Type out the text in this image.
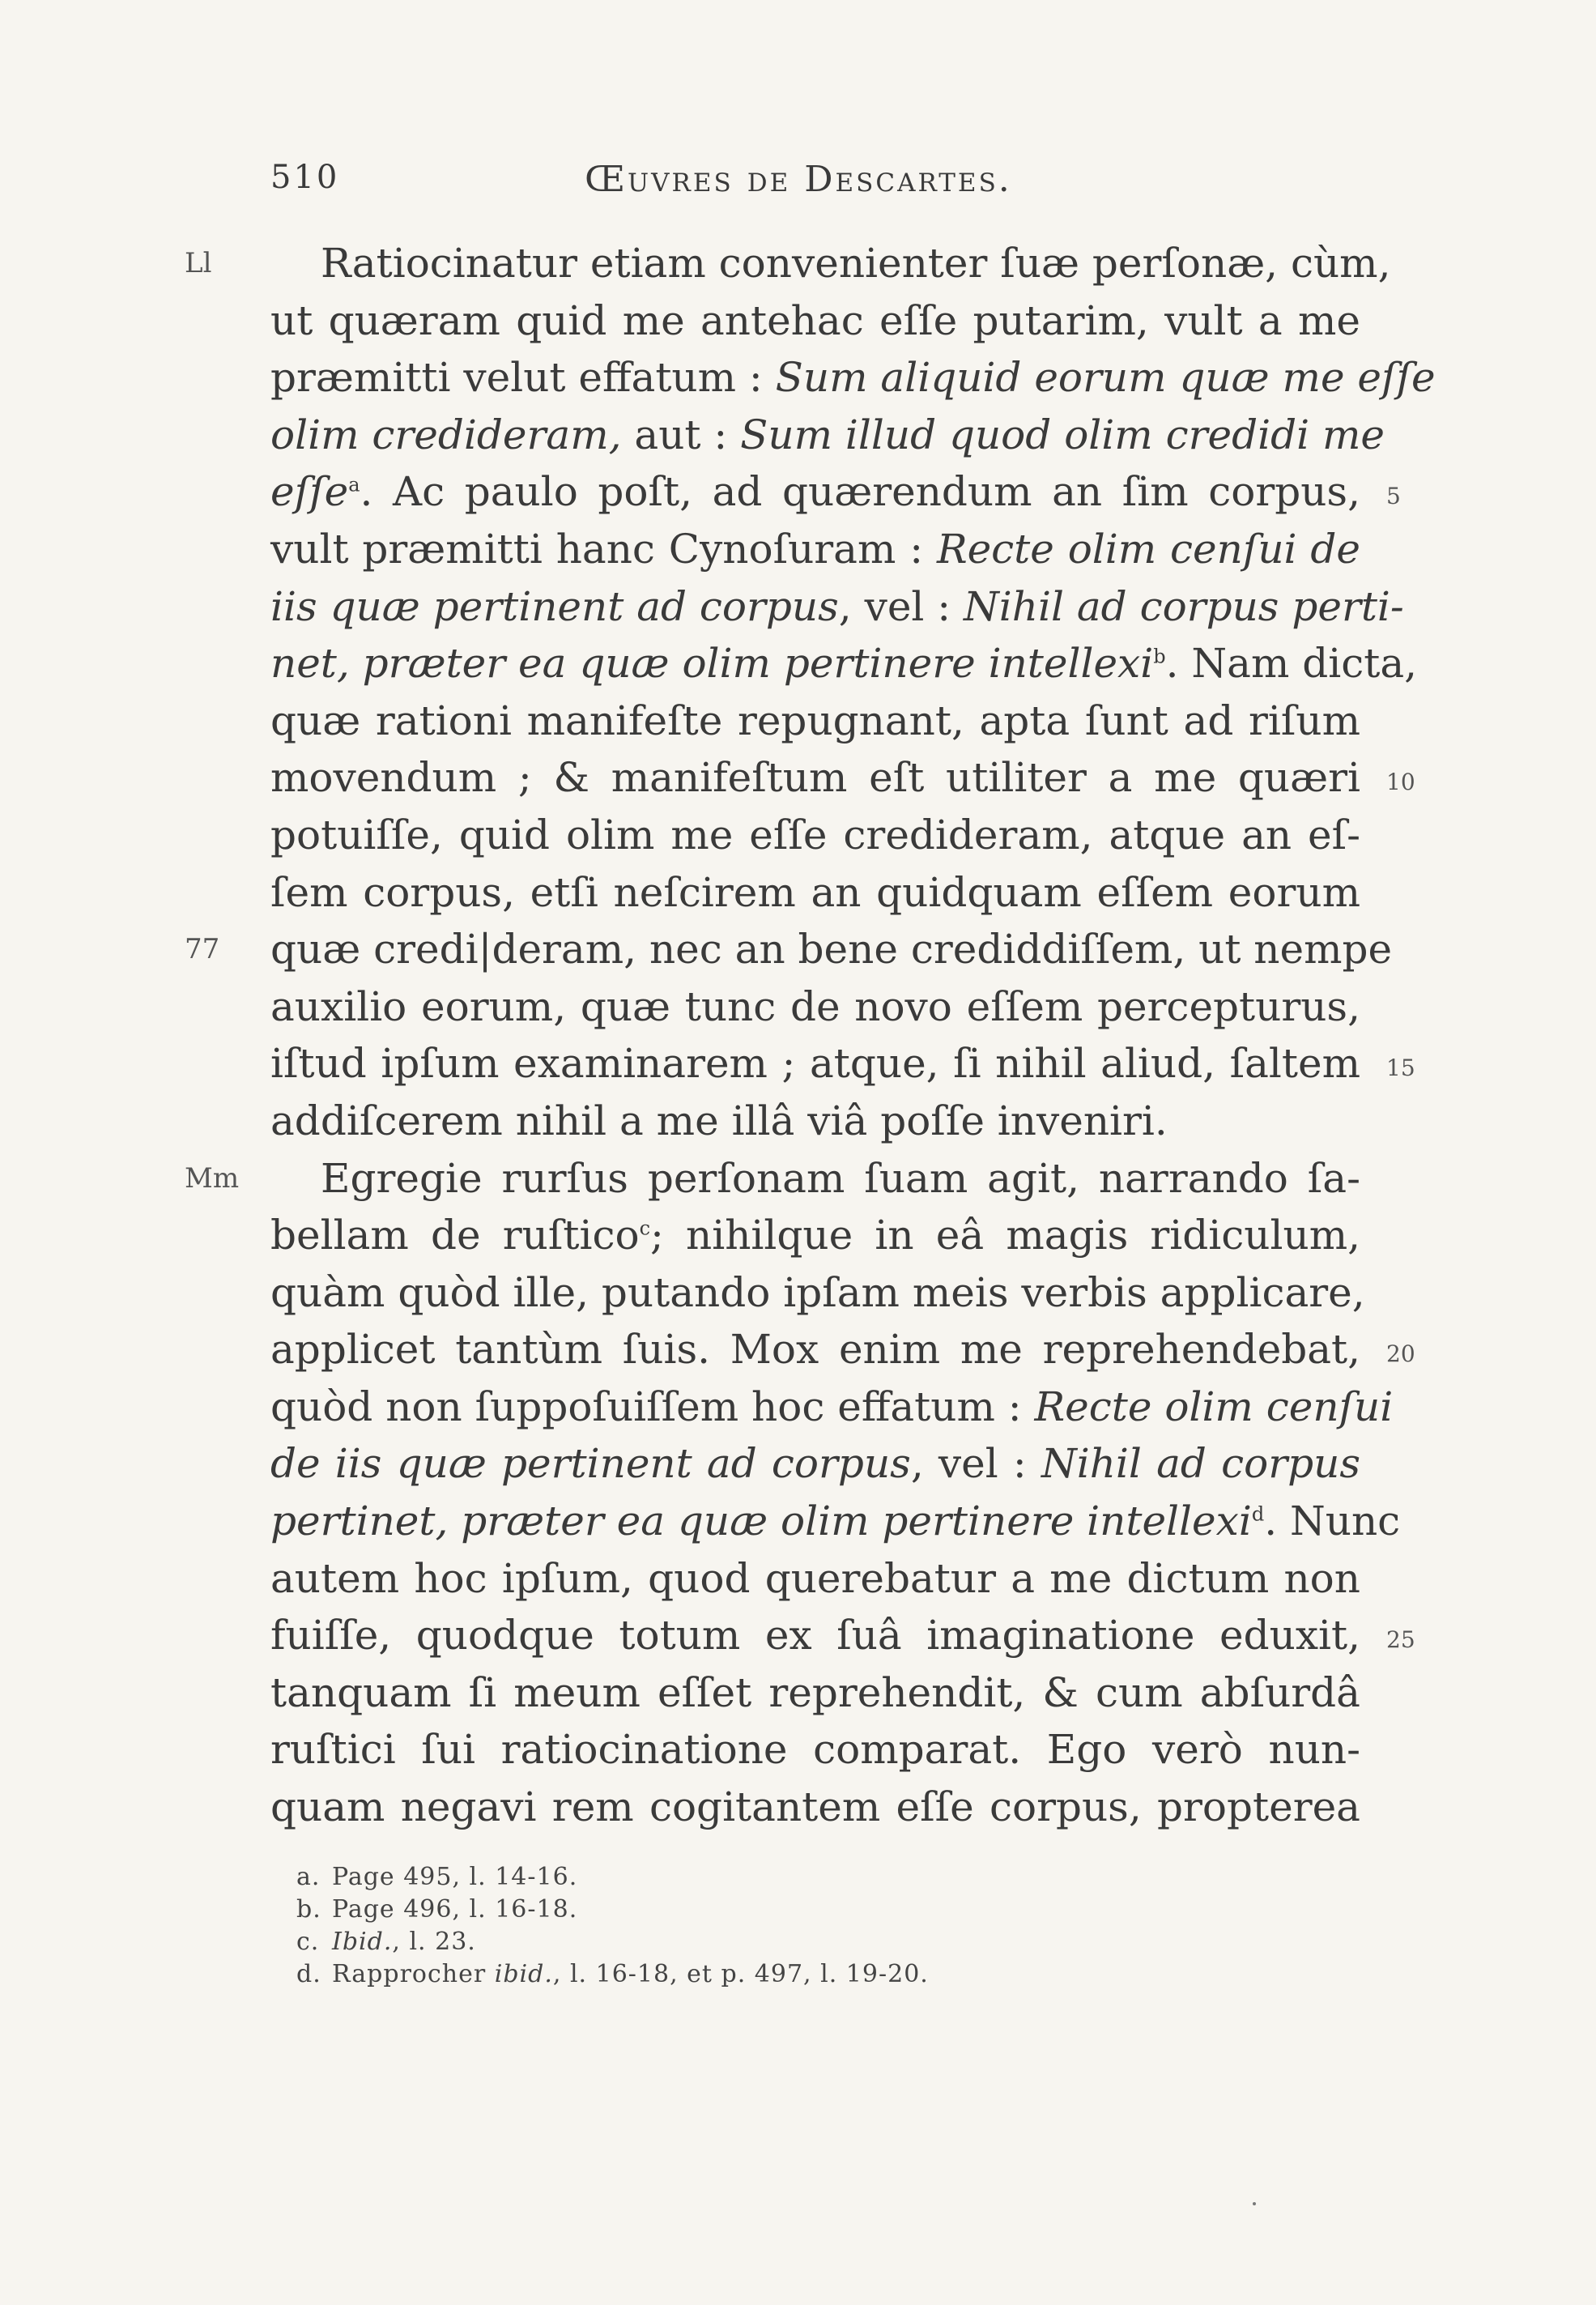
510	Œuvres de Descartes.
Ratiocinatur etiam convenienter ſuæ perſonæ, cùm,
Ll
ut quæram quid me antehac eſſe putarim, vult a me
præmitti velut effatum : Sum aliquid eorum quæ me eſſe
olim credideram, aut : Sum illud quod olim credidi me
eſſe$^a$. Ac paulo poſt, ad quærendum an ſim corpus, 5
vult præmitti hanc Cynoſuram : Recte olim cenſui de
iis quæ pertinent ad corpus, vel : Nihil ad corpus perti-
net, præter ea quæ olim pertinere intellexi$^b$. Nam dicta,
quæ rationi manifeſte repugnant, apta ſunt ad riſum
movendum ; & manifeſtum eſt utiliter a me quæri 10
potuiſſe, quid olim me eſſe credideram, atque an eſ-
ſem corpus, etſi neſcirem an quidquam eſſem eorum
quæ credi|deram, nec an bene crediddiſſem, ut nempe
77
auxilio eorum, quæ tunc de novo eſſem percepturus,
iſtud ipſum examinarem ; atque, ſi nihil aliud, ſaltem 15
addiſcerem nihil a me illâ viâ poſſe inveniri.
Egregie rurſus perſonam ſuam agit, narrando ſa-
Mm
bellam de ruſtico$^c$; nihilque in eâ magis ridiculum,
quàm quòd ille, putando ipſam meis verbis applicare,
applicet tantùm ſuis. Mox enim me reprehendebat, 20
quòd non ſuppoſuiſſem hoc effatum : Recte olim cenſui
de iis quæ pertinent ad corpus, vel : Nihil ad corpus
pertinet, præter ea quæ olim pertinere intellexi$^d$. Nunc
autem hoc ipſum, quod querebatur a me dictum non
fuiſſe, quodque totum ex ſuâ imaginatione eduxit, 25
tanquam ſi meum eſſet reprehendit, & cum abſurdâ
ruſtici ſui ratiocinatione comparat. Ego verò nun-
quam negavi rem cogitantem eſſe corpus, propterea
a. Page 495, l. 14-16.
b. Page 496, l. 16-18.
c. Ibid., l. 23.
d. Rapprocher ibid., l. 16-18, et p. 497, l. 19-20.
